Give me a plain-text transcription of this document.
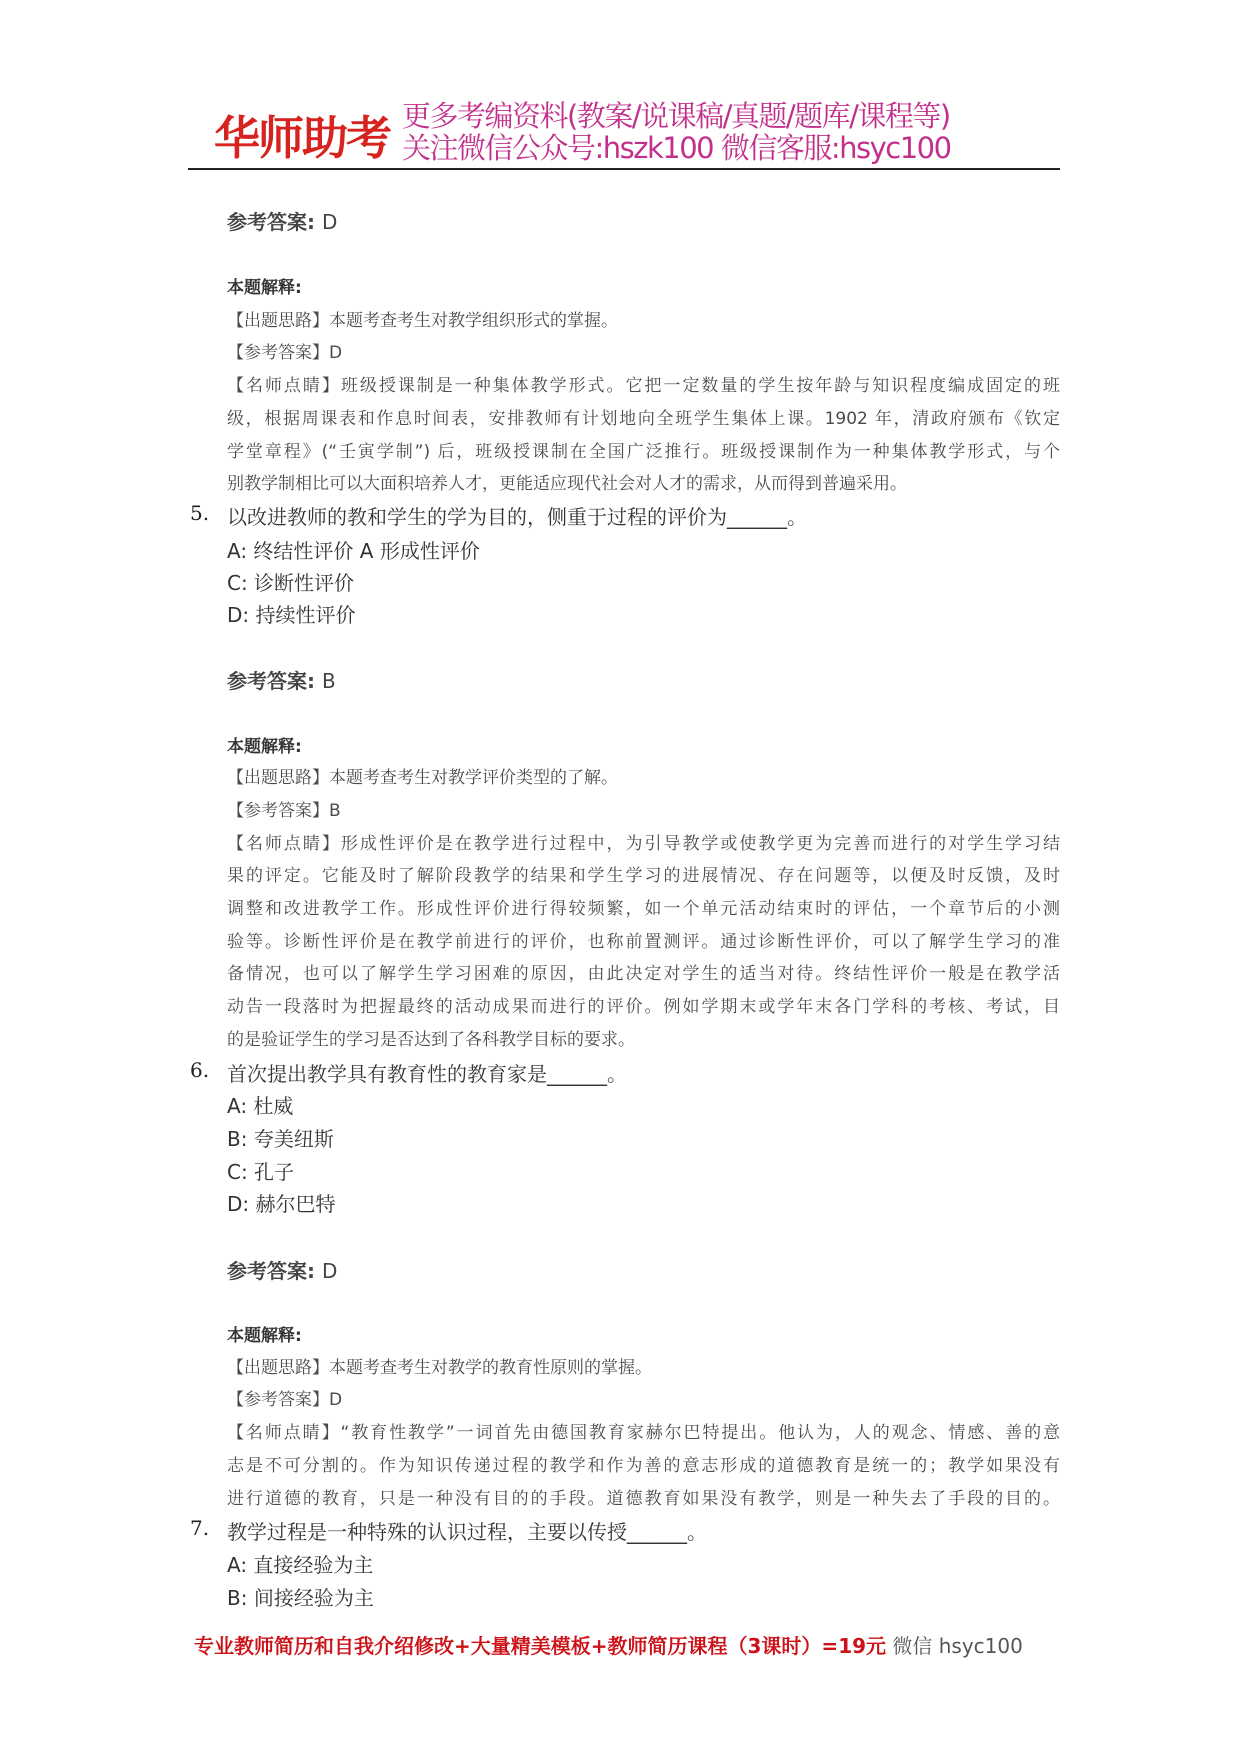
华师助考 更多考编资料(教案/说课稿/真题/题库/课程等)
关注微信公众号:hszk100 微信客服:hsyc100
参考答案: D
本题解释:
【出题思路】本题考查考生对教学组织形式的掌握。
【参考答案】D
【名师点睛】班级授课制是一种集体教学形式。它把一定数量的学生按年龄与知识程度编成固定的班
级，根据周课表和作息时间表，安排教师有计划地向全班学生集体上课。1902 年，清政府颁布《钦定
学堂章程》(“壬寅学制”) 后，班级授课制在全国广泛推行。班级授课制作为一种集体教学形式，与个
别教学制相比可以大面积培养人才，更能适应现代社会对人才的需求，从而得到普遍采用。
5. 以改进教师的教和学生的学为目的，侧重于过程的评价为______。
A: 终结性评价 A 形成性评价
C: 诊断性评价
D: 持续性评价
参考答案: B
本题解释:
【出题思路】本题考查考生对教学评价类型的了解。
【参考答案】B
【名师点睛】形成性评价是在教学进行过程中，为引导教学或使教学更为完善而进行的对学生学习结
果的评定。它能及时了解阶段教学的结果和学生学习的进展情况、存在问题等，以便及时反馈，及时
调整和改进教学工作。形成性评价进行得较频繁，如一个单元活动结束时的评估，一个章节后的小测
验等。诊断性评价是在教学前进行的评价，也称前置测评。通过诊断性评价，可以了解学生学习的准
备情况，也可以了解学生学习困难的原因，由此决定对学生的适当对待。终结性评价一般是在教学活
动告一段落时为把握最终的活动成果而进行的评价。例如学期末或学年末各门学科的考核、考试，目
的是验证学生的学习是否达到了各科教学目标的要求。
6. 首次提出教学具有教育性的教育家是______。
A: 杜威
B: 夸美纽斯
C: 孔子
D: 赫尔巴特
参考答案: D
本题解释:
【出题思路】本题考查考生对教学的教育性原则的掌握。
【参考答案】D
【名师点睛】“教育性教学”一词首先由德国教育家赫尔巴特提出。他认为，人的观念、情感、善的意
志是不可分割的。作为知识传递过程的教学和作为善的意志形成的道德教育是统一的；教学如果没有
进行道德的教育，只是一种没有目的的手段。道德教育如果没有教学，则是一种失去了手段的目的。
7. 教学过程是一种特殊的认识过程，主要以传授______。
A: 直接经验为主
B: 间接经验为主
专业教师简历和自我介绍修改+大量精美模板+教师简历课程（3课时）=19元 微信 hsyc100
